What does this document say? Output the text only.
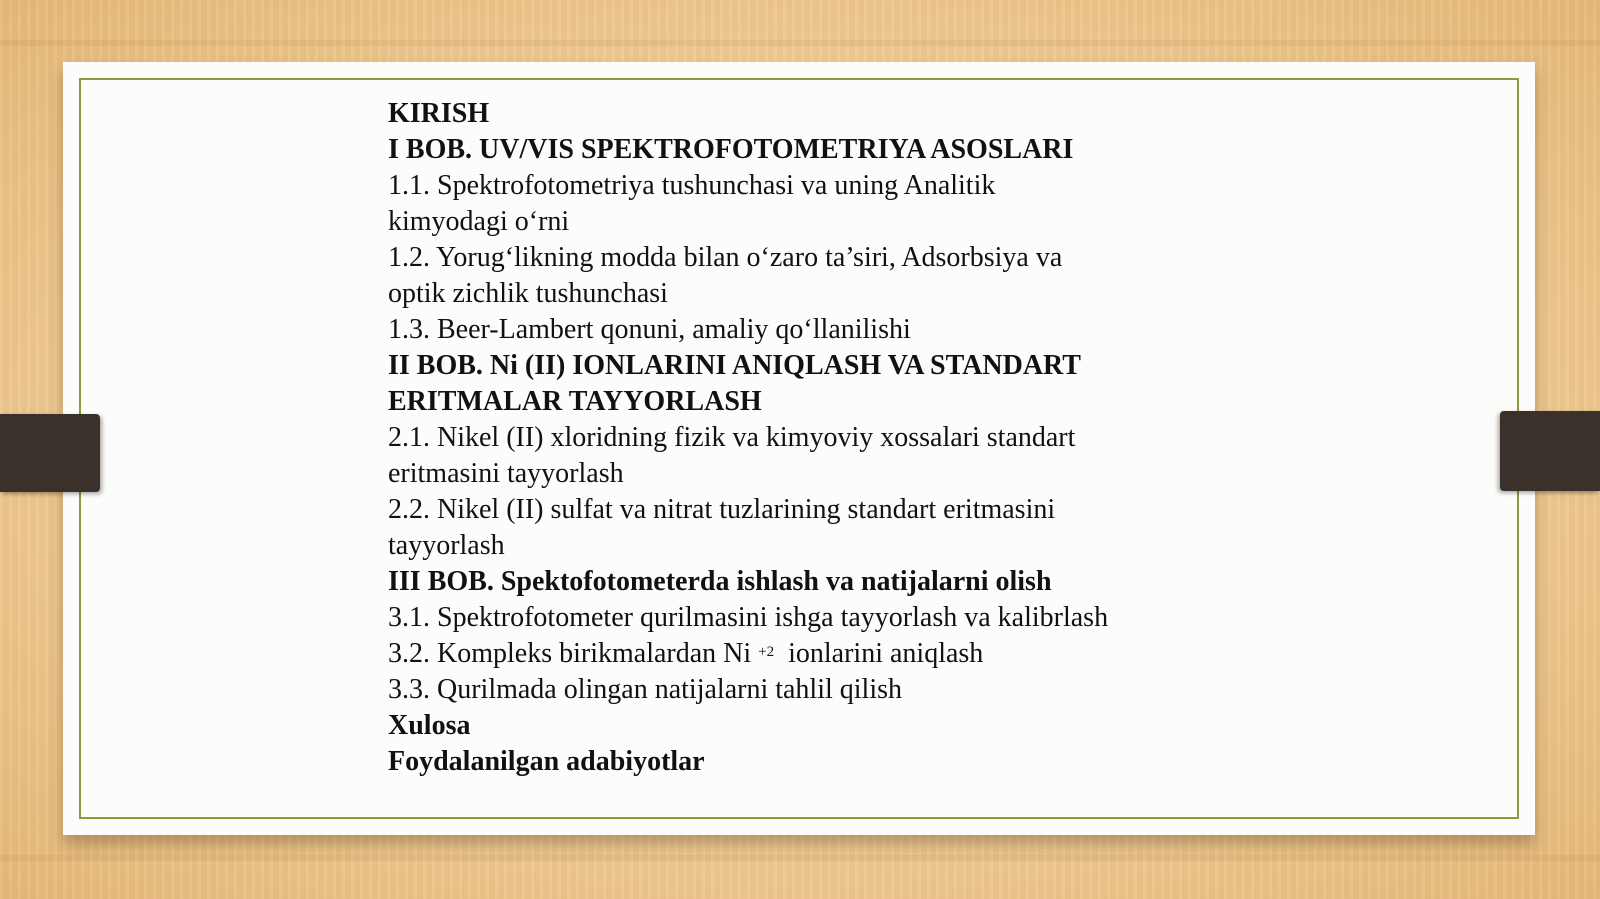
KIRISH
I BOB. UV/VIS SPEKTROFOTOMETRIYA ASOSLARI
1.1. Spektrofotometriya tushunchasi va uning Analitik
kimyodagi o‘rni
1.2. Yorug‘likning modda bilan o‘zaro ta’siri, Adsorbsiya va
optik zichlik tushunchasi
1.3. Beer-Lambert qonuni, amaliy qo‘llanilishi
II BOB. Ni (II) IONLARINI ANIQLASH VA STANDART
ERITMALAR TAYYORLASH
2.1. Nikel (II) xloridning fizik va kimyoviy xossalari standart
eritmasini tayyorlash
2.2. Nikel (II) sulfat va nitrat tuzlarining standart eritmasini
tayyorlash
III BOB. Spektofotometerda ishlash va natijalarni olish
3.1. Spektrofotometer qurilmasini ishga tayyorlash va kalibrlash
3.2. Kompleks birikmalardan Ni $^{+2}$  ionlarini aniqlash
3.3. Qurilmada olingan natijalarni tahlil qilish
Xulosa
Foydalanilgan adabiyotlar
